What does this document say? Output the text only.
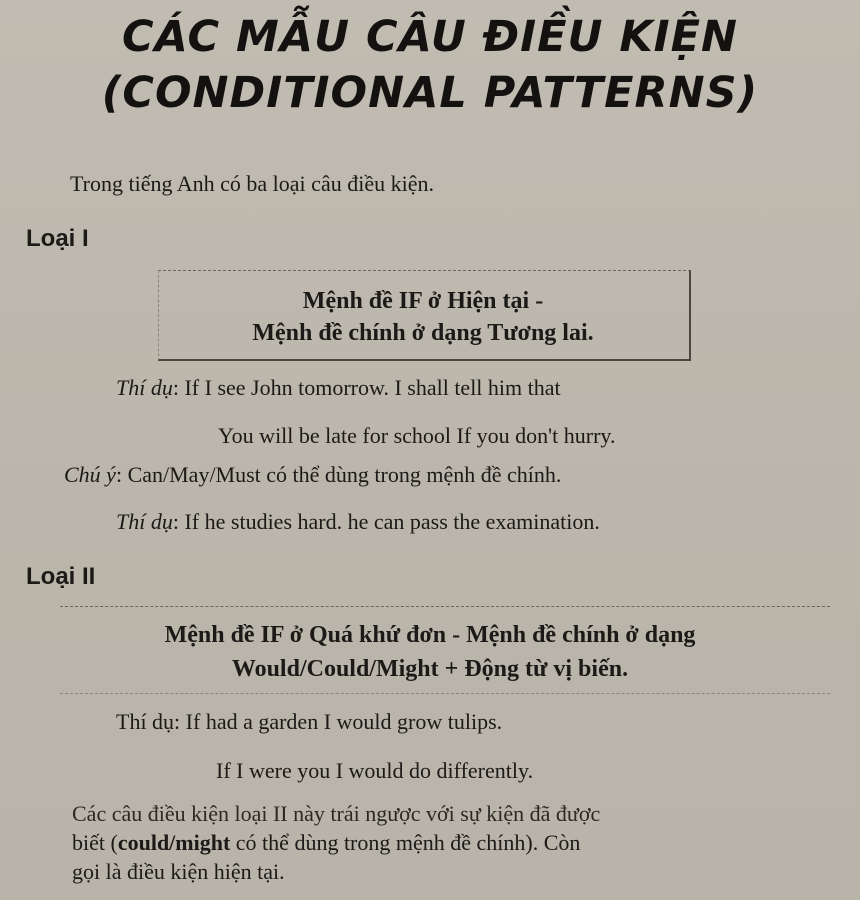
CÁC MẪU CÂU ĐIỀU KIỆN
(CONDITIONAL PATTERNS)
Trong tiếng Anh có ba loại câu điều kiện.
Loại I
Mệnh đề IF ở Hiện tại -
Mệnh đề chính ở dạng Tương lai.
Thí dụ: If I see John tomorrow. I shall tell him that
You will be late for school If you don't hurry.
Chú ý: Can/May/Must có thể dùng trong mệnh đề chính.
Thí dụ: If he studies hard. he can pass the examination.
Loại II
Mệnh đề IF ở Quá khứ đơn - Mệnh đề chính ở dạng
Would/Could/Might + Động từ vị biến.
Thí dụ: If had a garden I would grow tulips.
If I were you I would do differently.
Các câu điều kiện loại II này trái ngược với sự kiện đã được
biết (could/might có thể dùng trong mệnh đề chính). Còn
gọi là điều kiện hiện tại.
